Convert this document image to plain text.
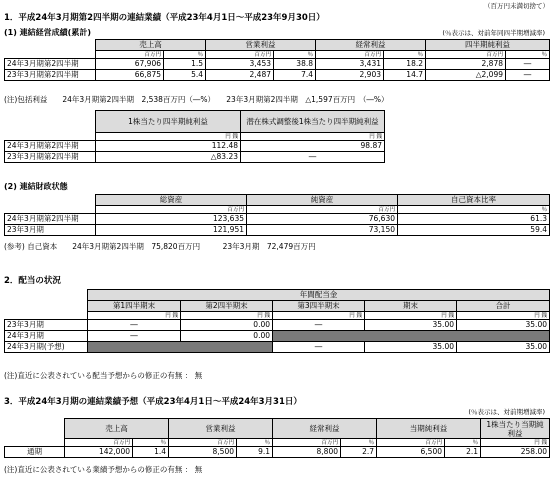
（百万円未満切捨て）
1．平成24年3月期第2四半期の連結業績（平成23年4月1日～平成23年9月30日）
(1) 連結経営成績(累計)	(％表示は、対前年同四半期増減率)
	売上高		営業利益		経常利益		四半期純利益	
	百万円	％	百万円	％	百万円	％	百万円	％
24年3月期第2四半期	67,906	1.5	3,453	38.8	3,431	18.2	2,878	―
23年3月期第2四半期	66,875	5.4	2,487	7.4	2,903	14.7	△2,099	―
(注)包括利益　　24年3月期第2四半期　2,538百万円（―%）　　23年3月期第2四半期　△1,597百万円　（―%）
	1株当たり四半期純利益	潜在株式調整後1株当たり四半期純利益
	円 銭	円 銭
24年3月期第2四半期	112.48	98.87
23年3月期第2四半期	△83.23	―
(2) 連結財政状態
	総資産	純資産	自己資本比率
	百万円	百万円	％
24年3月期第2四半期	123,635	76,630	61.3
23年3月期	121,951	73,150	59.4
(参考) 自己資本　　24年3月期第2四半期　75,820百万円　　　23年3月期　72,479百万円
2．配当の状況
	年間配当金				
	第1四半期末	第2四半期末	第3四半期末	期末	合計
	円 銭	円 銭	円 銭	円 銭	円 銭
23年3月期	―	0.00	―	35.00	35.00
24年3月期	―	0.00			
24年3月期(予想)			―	35.00	35.00
(注)直近に公表されている配当予想からの修正の有無 ： 無
3．平成24年3月期の連結業績予想（平成23年4月1日～平成24年3月31日）
(％表示は、対前期増減率)
	売上高		営業利益		経常利益		当期純利益		1株当たり当期純利益
	百万円	％	百万円	％	百万円	％	百万円	％	円 銭
通期	142,000	1.4	8,500	9.1	8,800	2.7	6,500	2.1	258.00
(注)直近に公表されている業績予想からの修正の有無 ： 無
